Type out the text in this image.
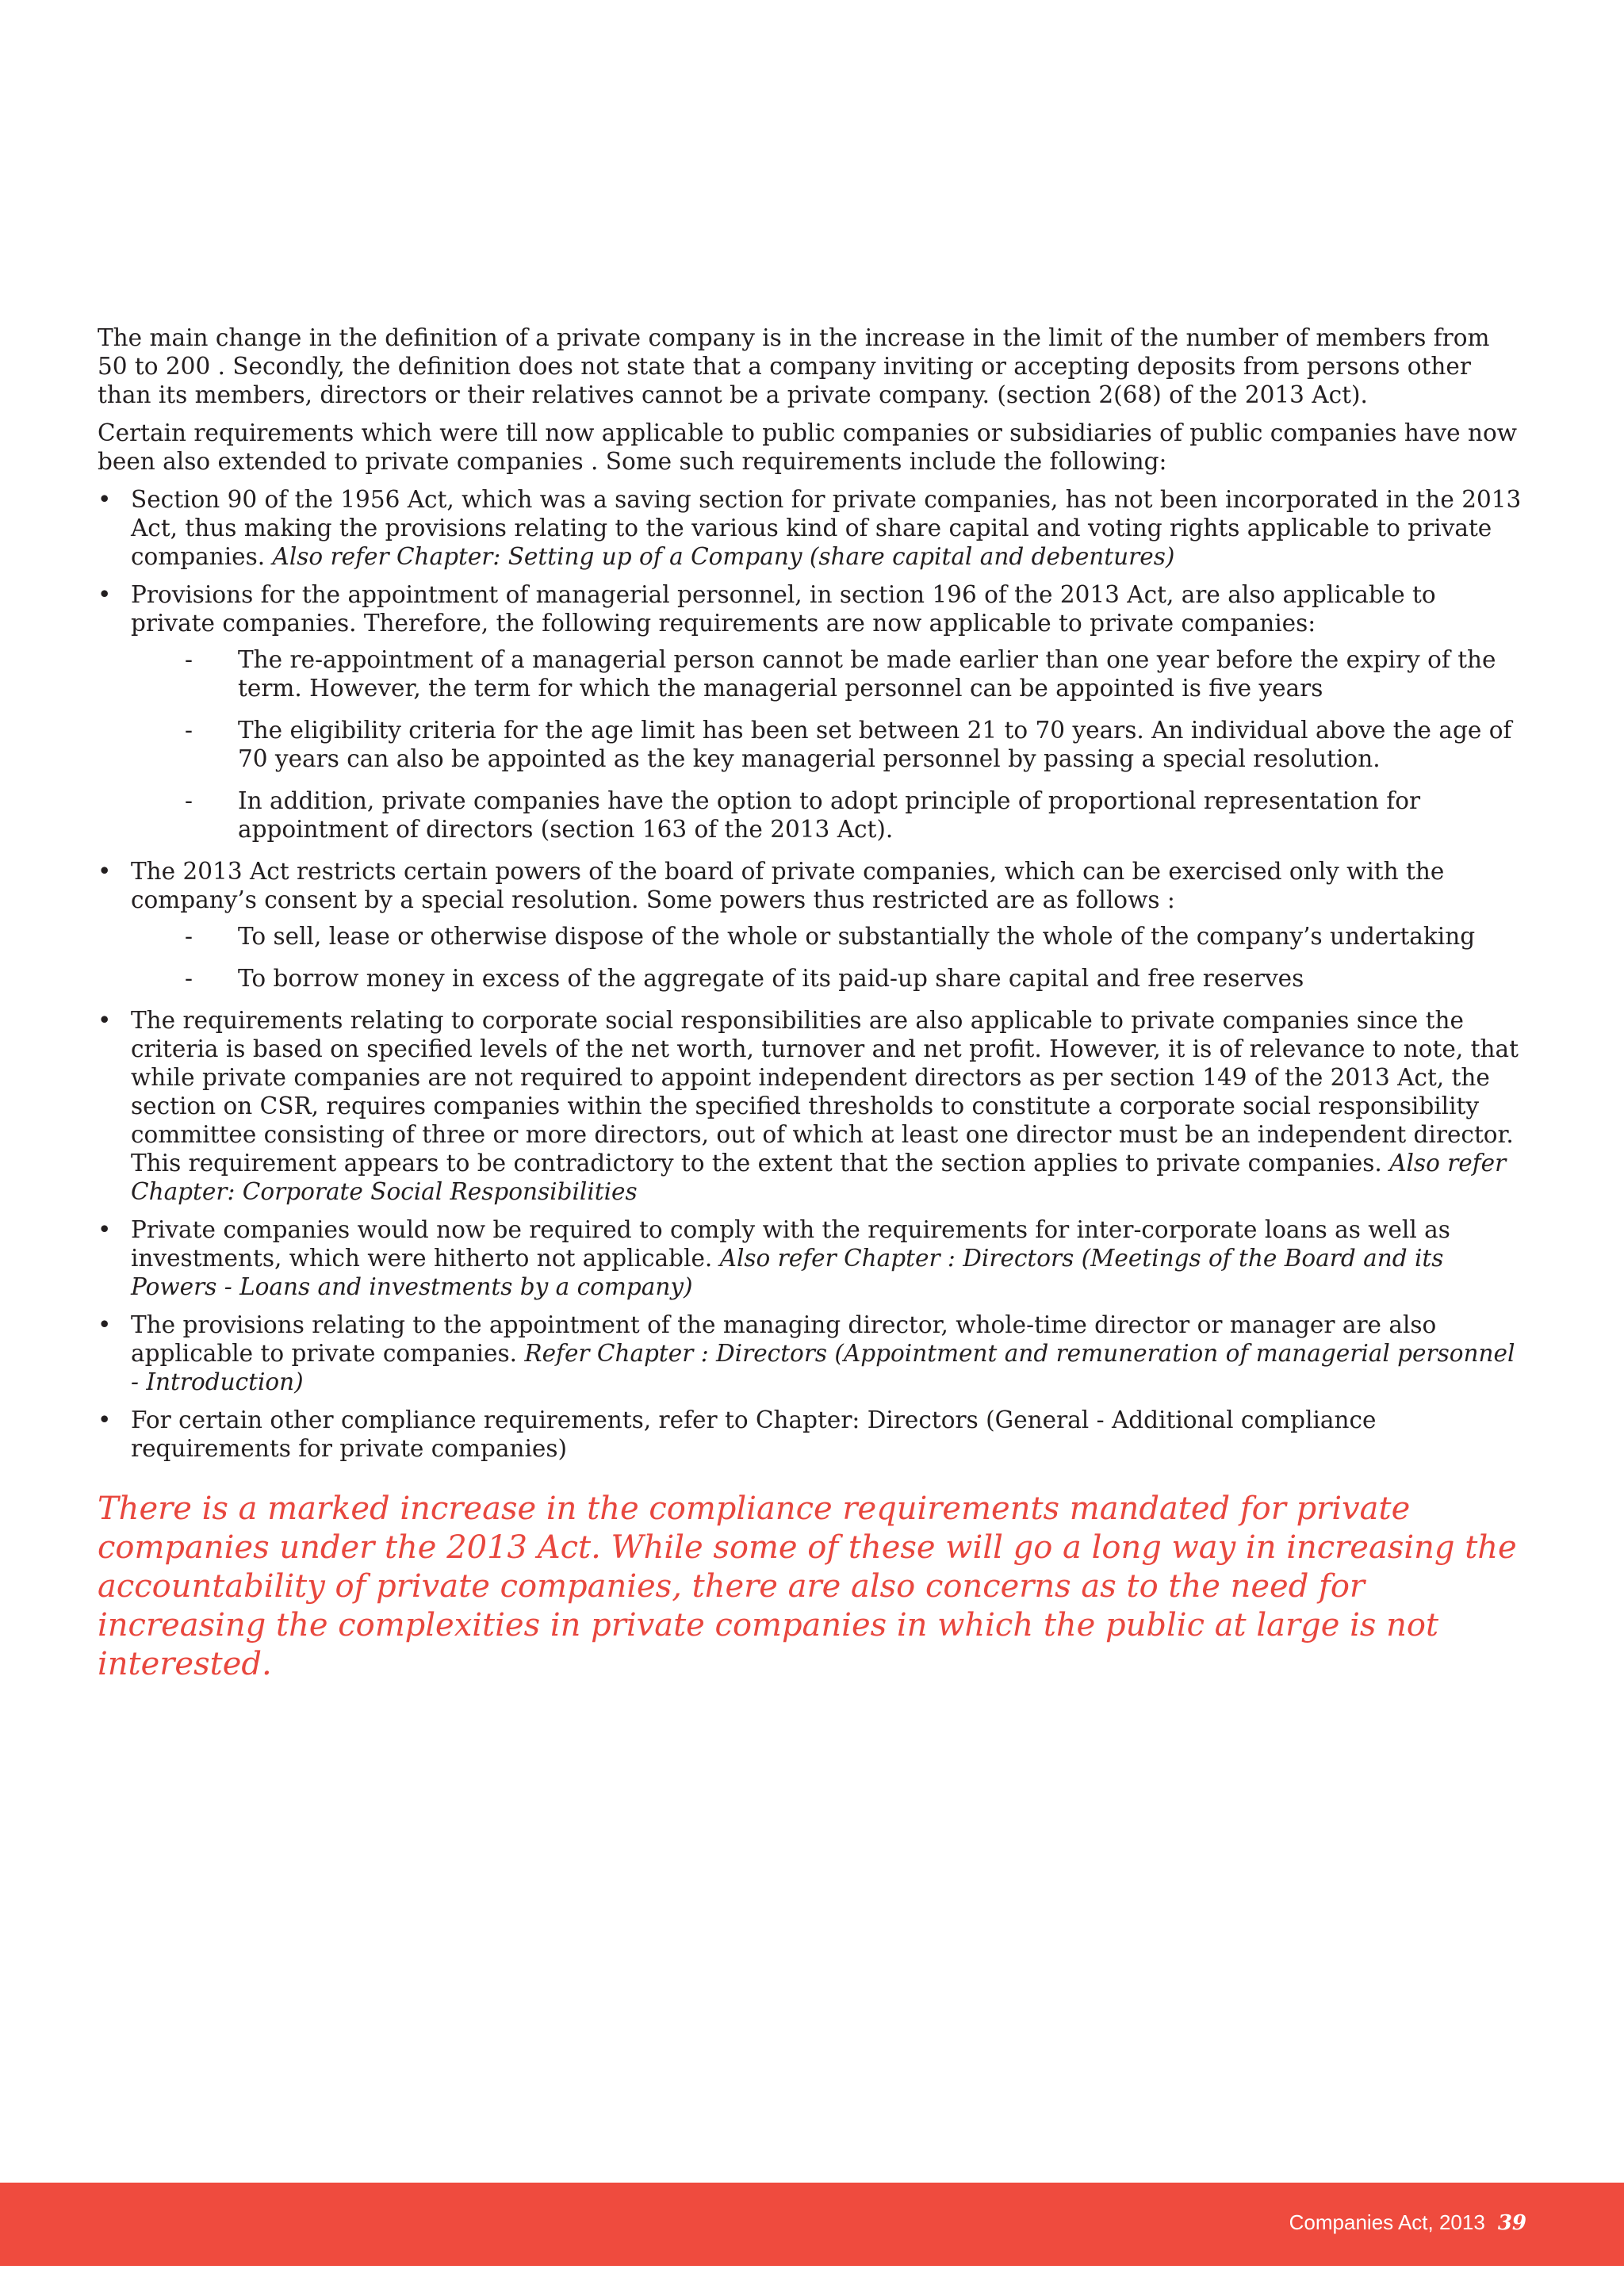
The main change in the definition of a private company is in the increase in the limit of the number of members from 50 to 200 . Secondly, the definition does not state that a company inviting or accepting deposits from persons other than its members, directors or their relatives cannot be a private company. (section 2(68) of the 2013 Act).

Certain requirements which were till now applicable to public companies or subsidiaries of public companies have now been also extended to private companies . Some such requirements include the following:

• Section 90 of the 1956 Act, which was a saving section for private companies, has not been incorporated in the 2013 Act, thus making the provisions relating to the various kind of share capital and voting rights applicable to private companies. Also refer Chapter: Setting up of a Company (share capital and debentures)
• Provisions for the appointment of managerial personnel, in section 196 of the 2013 Act, are also applicable to private companies. Therefore, the following requirements are now applicable to private companies:
-	The re-appointment of a managerial person cannot be made earlier than one year before the expiry of the term. However, the term for which the managerial personnel can be appointed is five years
-	The eligibility criteria for the age limit has been set between 21 to 70 years. An individual above the age of 70 years can also be appointed as the key managerial personnel by passing a special resolution.
-	In addition, private companies have the option to adopt principle of proportional representation for appointment of directors (section 163 of the 2013 Act).
• The 2013 Act restricts certain powers of the board of private companies, which can be exercised only with the company’s consent by a special resolution. Some powers thus restricted are as follows :
-	To sell, lease or otherwise dispose of the whole or substantially the whole of the company’s undertaking
-	To borrow money in excess of the aggregate of its paid-up share capital and free reserves
• The requirements relating to corporate social responsibilities are also applicable to private companies since the criteria is based on specified levels of the net worth, turnover and net profit. However, it is of relevance to note, that while private companies are not required to appoint independent directors as per section 149 of the 2013 Act, the section on CSR, requires companies within the specified thresholds to constitute a corporate social responsibility committee consisting of three or more directors, out of which at least one director must be an independent director. This requirement appears to be contradictory to the extent that the section applies to private companies. Also refer Chapter: Corporate Social Responsibilities
• Private companies would now be required to comply with the requirements for inter-corporate loans as well as investments, which were hitherto not applicable. Also refer Chapter : Directors (Meetings of the Board and its Powers - Loans and investments by a company)
• The provisions relating to the appointment of the managing director, whole-time director or manager are also applicable to private companies. Refer Chapter : Directors (Appointment and remuneration of managerial personnel - Introduction)
• For certain other compliance requirements, refer to Chapter: Directors (General - Additional compliance requirements for private companies)
There is a marked increase in the compliance requirements mandated for private companies under the 2013 Act. While some of these will go a long way in increasing the accountability of private companies, there are also concerns as to the need for increasing the complexities in private companies in which the public at large is not interested.
Companies Act, 2013 39
